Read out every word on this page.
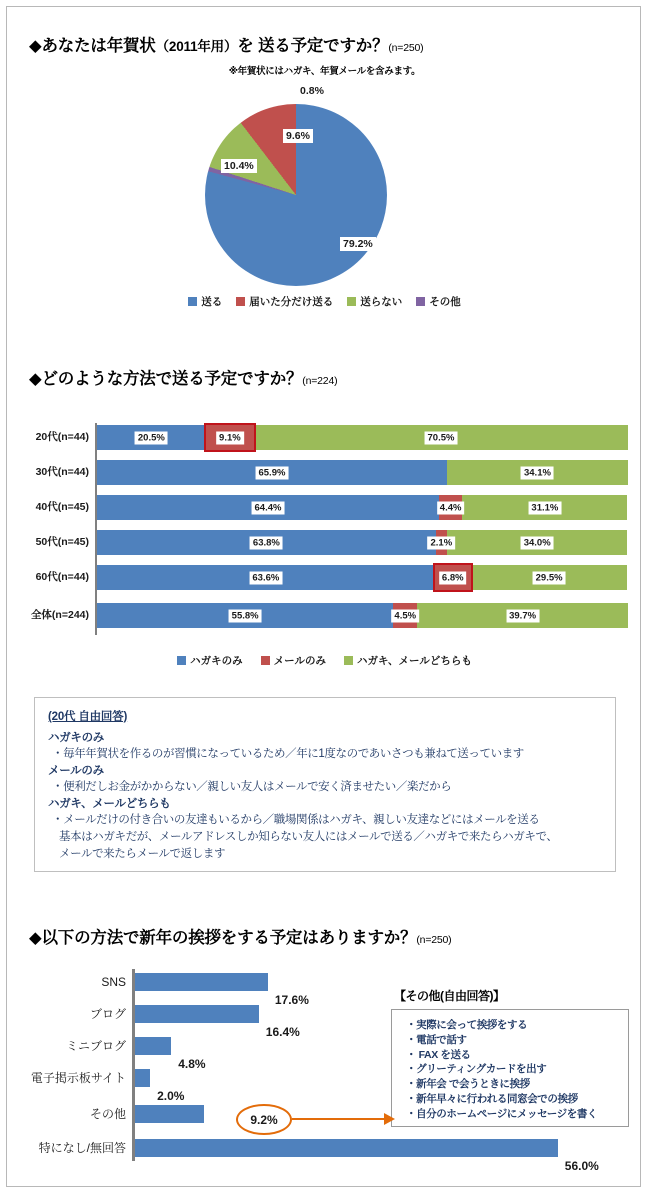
◆あなたは年賀状（2011年用）を 送る予定ですか？(n=250)
※年賀状にはハガキ、年賀メールを含みます。
79.2%
10.4%
9.6%
0.8%
送る	届いた分だけ送る	送らない	その他
◆どのような方法で送る予定ですか？(n=224)
20代(n=44)	20.5%	9.1%	70.5%
30代(n=44)	65.9%	34.1%
40代(n=45)	64.4%	4.4%	31.1%
50代(n=45)	63.8%	2.1%	34.0%
60代(n=44)	63.6%	6.8%	29.5%
全体(n=244)	55.8%	4.5%	39.7%
ハガキのみ	メールのみ	ハガキ、メールどちらも
(20代 自由回答)
ハガキのみ
・毎年年賀状を作るのが習慣になっているため／年に1度なのであいさつも兼ねて送っています
メールのみ
・便利だしお金がかからない／親しい友人はメールで安く済ませたい／楽だから
ハガキ、メールどちらも
・メールだけの付き合いの友達もいるから／職場関係はハガキ、親しい友達などにはメールを送る
基本はハガキだが、メールアドレスしか知らない友人にはメールで送る／ハガキで来たらハガキで、
メールで来たらメールで返します
◆以下の方法で新年の挨拶をする予定はありますか？(n=250)
SNS
17.6%
ブログ
16.4%
ミニブログ
4.8%
電子掲示板サイト
2.0%
その他
特になし/無回答
56.0%
9.2%
【その他(自由回答)】
・実際に会って挨拶をする
・電話で話す
・ FAX を送る
・グリーティングカードを出す
・新年会 で会うときに挨拶
・新年早々に行われる同窓会での挨拶
・自分のホームページにメッセージを書く
